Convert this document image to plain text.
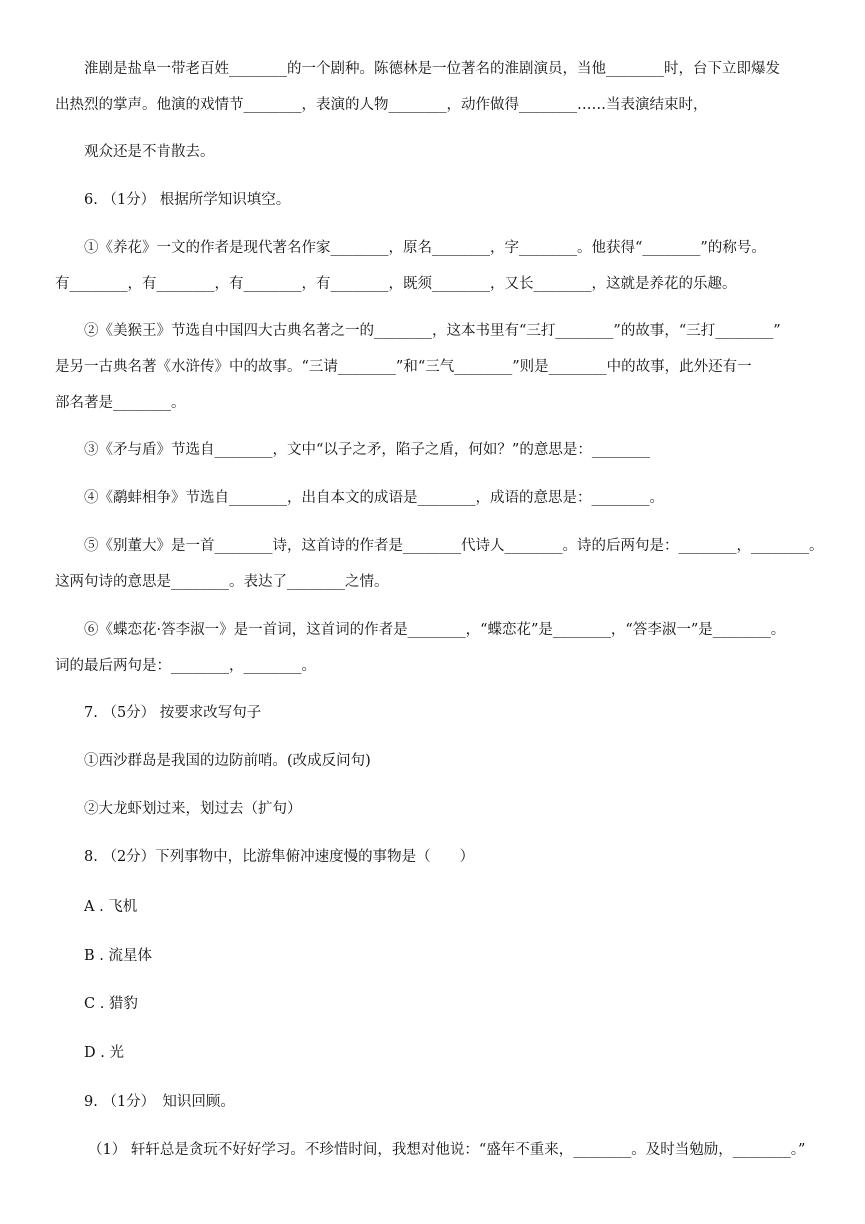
淮剧是盐阜一带老百姓________的一个剧种。陈德林是一位著名的淮剧演员，当他________时，台下立即爆发
出热烈的掌声。他演的戏情节________，表演的人物________，动作做得________……当表演结束时，
观众还是不肯散去。
6. （1分） 根据所学知识填空。
①《养花》一文的作者是现代著名作家________，原名________，字________。他获得“________”的称号。
有________，有________，有________，有________，既须________，又长________，这就是养花的乐趣。
②《美猴王》节选自中国四大古典名著之一的________，这本书里有“三打________”的故事，“三打________”
是另一古典名著《水浒传》中的故事。“三请________”和“三气________”则是________中的故事，此外还有一
部名著是________。
③《矛与盾》节选自________，文中“以子之矛，陷子之盾，何如？”的意思是：________
④《鹬蚌相争》节选自________，出自本文的成语是________，成语的意思是：________。
⑤《别董大》是一首________诗，这首诗的作者是________代诗人________。诗的后两句是：________，________。
这两句诗的意思是________。表达了________之情。
⑥《蝶恋花·答李淑一》是一首词，这首词的作者是________，“蝶恋花”是________，“答李淑一”是________。
词的最后两句是：________，________。
7. （5分） 按要求改写句子
①西沙群岛是我国的边防前哨。(改成反问句)
②大龙虾划过来，划过去（扩句）
8. （2分）下列事物中，比游隼俯冲速度慢的事物是（　　）
A . 飞机
B . 流星体
C . 猎豹
D . 光
9. （1分）　知识回顾。
（1） 轩轩总是贪玩不好好学习。不珍惜时间，我想对他说：“盛年不重来，________。及时当勉励，________。”
